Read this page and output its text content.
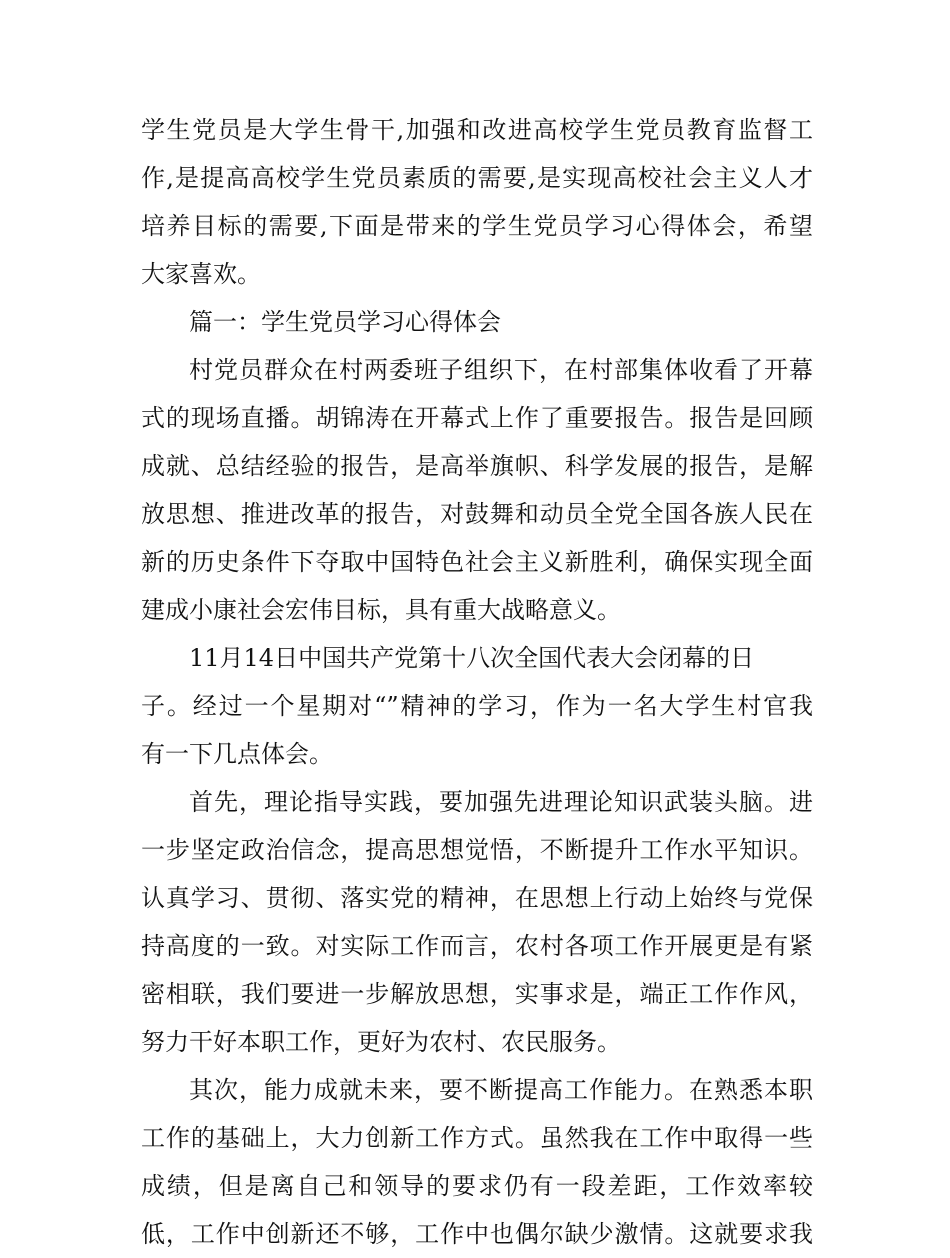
学生党员是大学生骨干,加强和改进高校学生党员教育监督工
作,是提高高校学生党员素质的需要,是实现高校社会主义人才
培养目标的需要,下面是带来的学生党员学习心得体会，希望
大家喜欢。
篇一：学生党员学习心得体会
村党员群众在村两委班子组织下，在村部集体收看了开幕
式的现场直播。胡锦涛在开幕式上作了重要报告。报告是回顾
成就、总结经验的报告，是高举旗帜、科学发展的报告，是解
放思想、推进改革的报告，对鼓舞和动员全党全国各族人民在
新的历史条件下夺取中国特色社会主义新胜利，确保实现全面
建成小康社会宏伟目标，具有重大战略意义。
11月14日中国共产党第十八次全国代表大会闭幕的日
子。经过一个星期对“”精神的学习，作为一名大学生村官我
有一下几点体会。
首先，理论指导实践，要加强先进理论知识武装头脑。进
一步坚定政治信念，提高思想觉悟，不断提升工作水平知识。
认真学习、贯彻、落实党的精神，在思想上行动上始终与党保
持高度的一致。对实际工作而言，农村各项工作开展更是有紧
密相联，我们要进一步解放思想，实事求是，端正工作作风，
努力干好本职工作，更好为农村、农民服务。
其次，能力成就未来，要不断提高工作能力。在熟悉本职
工作的基础上，大力创新工作方式。虽然我在工作中取得一些
成绩，但是离自己和领导的要求仍有一段差距，工作效率较
低，工作中创新还不够，工作中也偶尔缺少激情。这就要求我
